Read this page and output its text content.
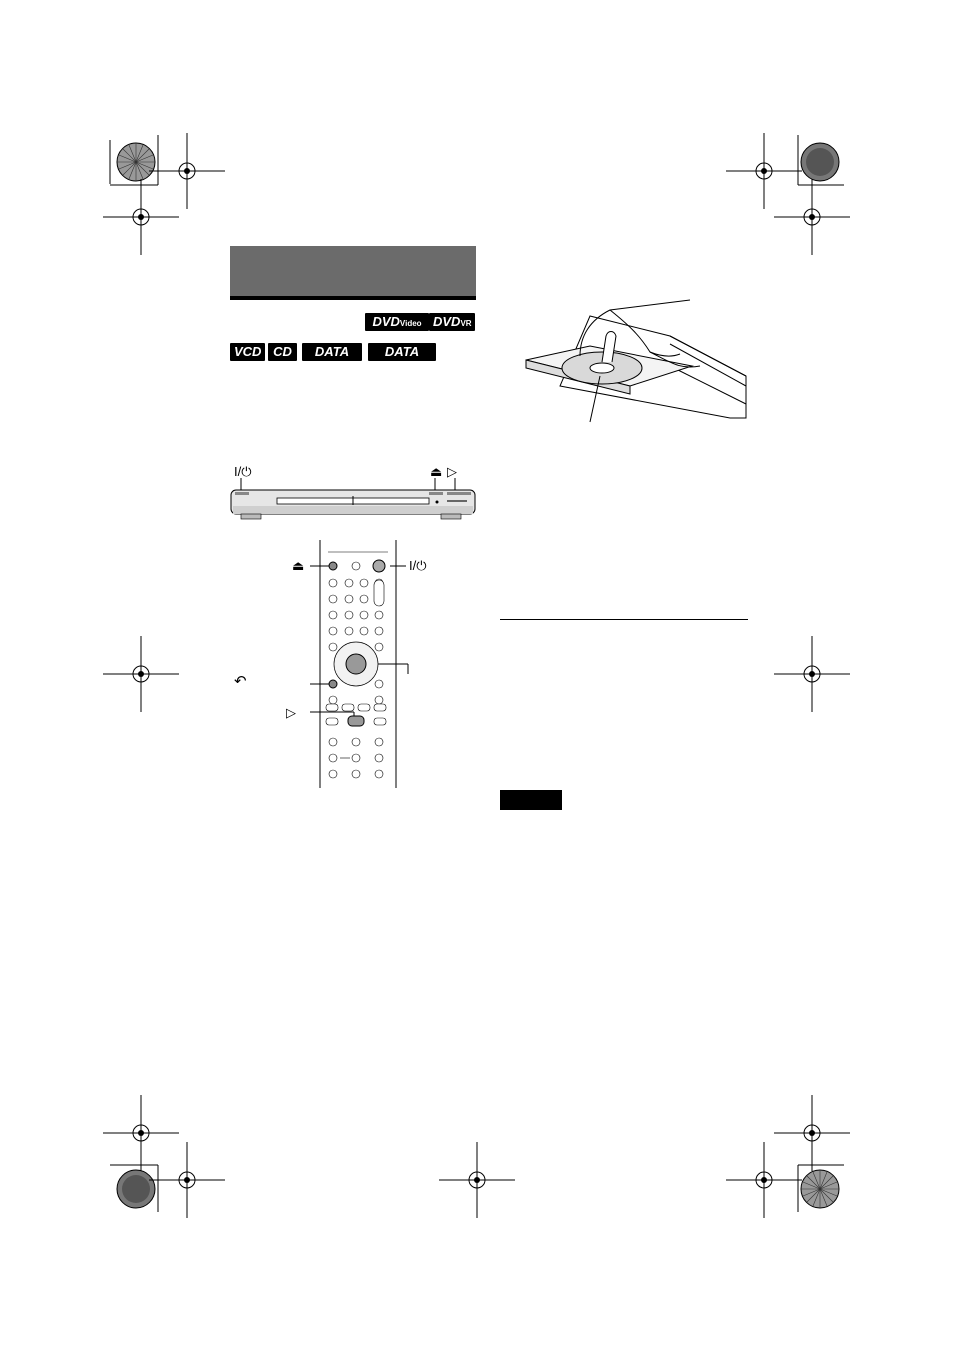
DVDVideo DVDVR
VCD CD	DATA CD
DATA DVD
I/⏻	⏏ ▷
⏏	I/⏻
↶
▷
